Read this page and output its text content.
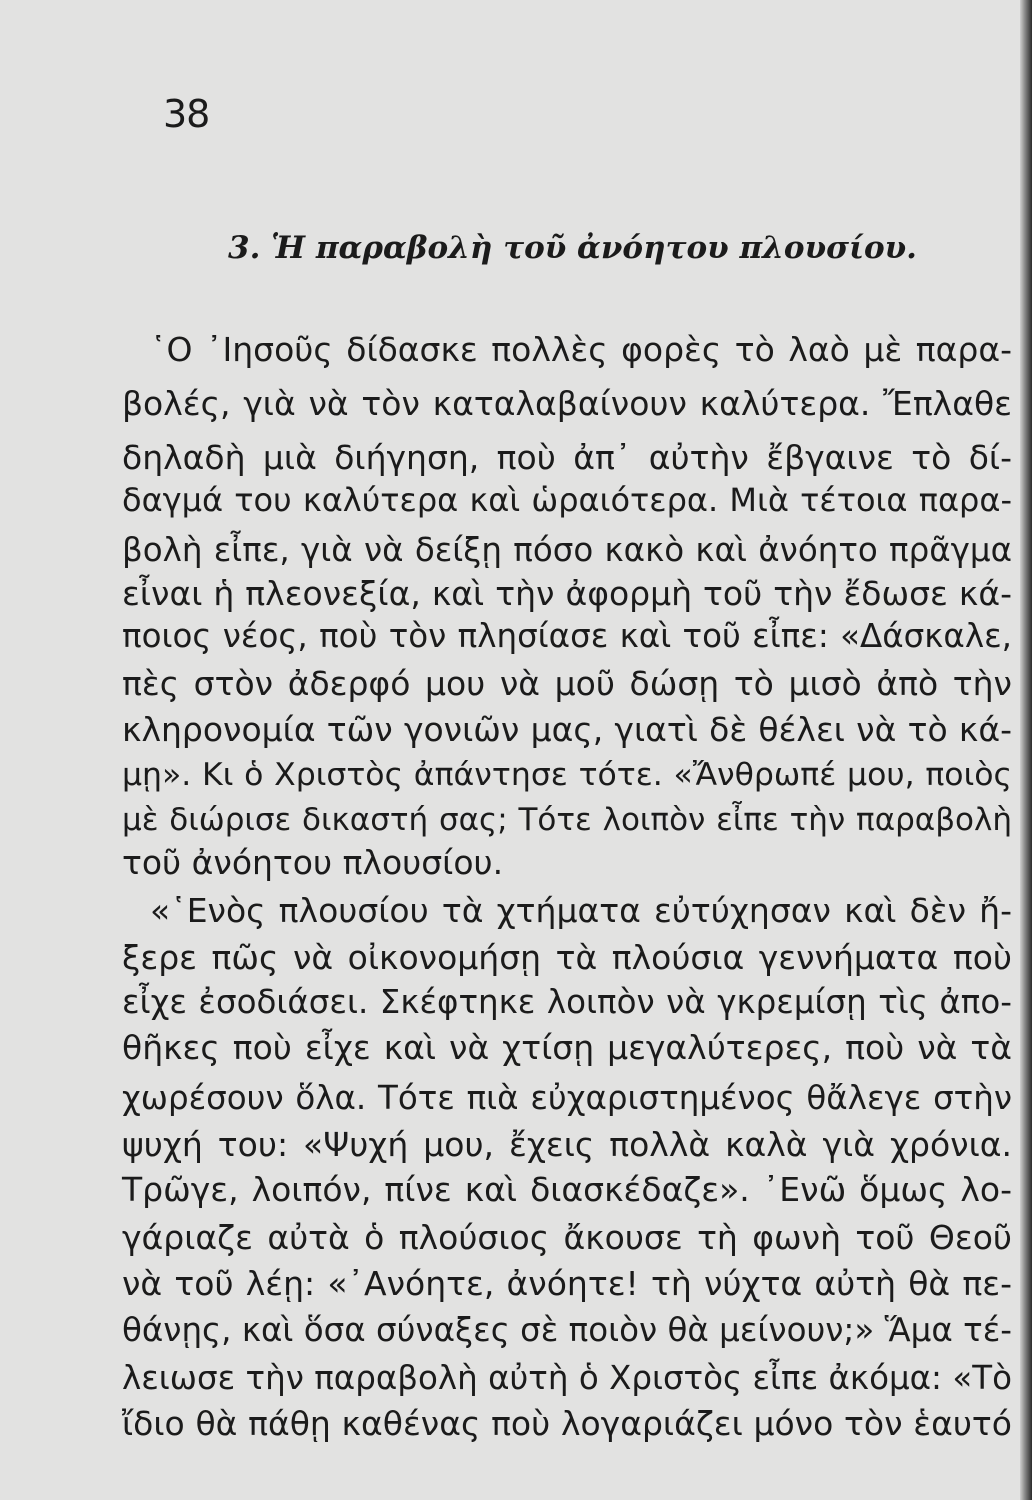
38
3. Ἡ παραβολὴ τοῦ ἀνόητου πλουσίου.
῾Ο ᾿Ιησοῦς δίδασκε πολλὲς φορὲς τὸ λαὸ μὲ παρα-
βολές, γιὰ νὰ τὸν καταλαβαίνουν καλύτερα. Ἔπλαθε
δηλαδὴ μιὰ διήγηση, ποὺ ἀπ᾿ αὐτὴν ἔβγαινε τὸ δί-
δαγμά του καλύτερα καὶ ὡραιότερα. Μιὰ τέτοια παρα-
βολὴ εἶπε, γιὰ νὰ δείξῃ πόσο κακὸ καὶ ἀνόητο πρᾶγμα
εἶναι ἡ πλεονεξία, καὶ τὴν ἀφορμὴ τοῦ τὴν ἔδωσε κά-
ποιος νέος, ποὺ τὸν πλησίασε καὶ τοῦ εἶπε: «Δάσκαλε,
πὲς στὸν ἀδερφό μου νὰ μοῦ δώσῃ τὸ μισὸ ἀπὸ τὴν
κληρονομία τῶν γονιῶν μας, γιατὶ δὲ θέλει νὰ τὸ κά-
μῃ». Κι ὁ Χριστὸς ἀπάντησε τότε. «Ἄνθρωπέ μου, ποιὸς
μὲ διώρισε δικαστή σας; Τότε λοιπὸν εἶπε τὴν παραβολὴ
τοῦ ἀνόητου πλουσίου.
«῾Ενὸς πλουσίου τὰ χτήματα εὐτύχησαν καὶ δὲν ἤ-
ξερε πῶς νὰ οἰκονομήσῃ τὰ πλούσια γεννήματα ποὺ
εἶχε ἐσοδιάσει. Σκέφτηκε λοιπὸν νὰ γκρεμίσῃ τὶς ἀπο-
θῆκες ποὺ εἶχε καὶ νὰ χτίσῃ μεγαλύτερες, ποὺ νὰ τὰ
χωρέσουν ὅλα. Τότε πιὰ εὐχαριστημένος θἄλεγε στὴν
ψυχή του: «Ψυχή μου, ἔχεις πολλὰ καλὰ γιὰ χρόνια.
Τρῶγε, λοιπόν, πίνε καὶ διασκέδαζε». ᾿Ενῶ ὅμως λο-
γάριαζε αὐτὰ ὁ πλούσιος ἄκουσε τὴ φωνὴ τοῦ Θεοῦ
νὰ τοῦ λέῃ: «᾿Ανόητε, ἀνόητε! τὴ νύχτα αὐτὴ θὰ πε-
θάνῃς, καὶ ὅσα σύναξες σὲ ποιὸν θὰ μείνουν;» Ἅμα τέ-
λειωσε τὴν παραβολὴ αὐτὴ ὁ Χριστὸς εἶπε ἀκόμα: «Τὸ
ἴδιο θὰ πάθῃ καθένας ποὺ λογαριάζει μόνο τὸν ἑαυτό
